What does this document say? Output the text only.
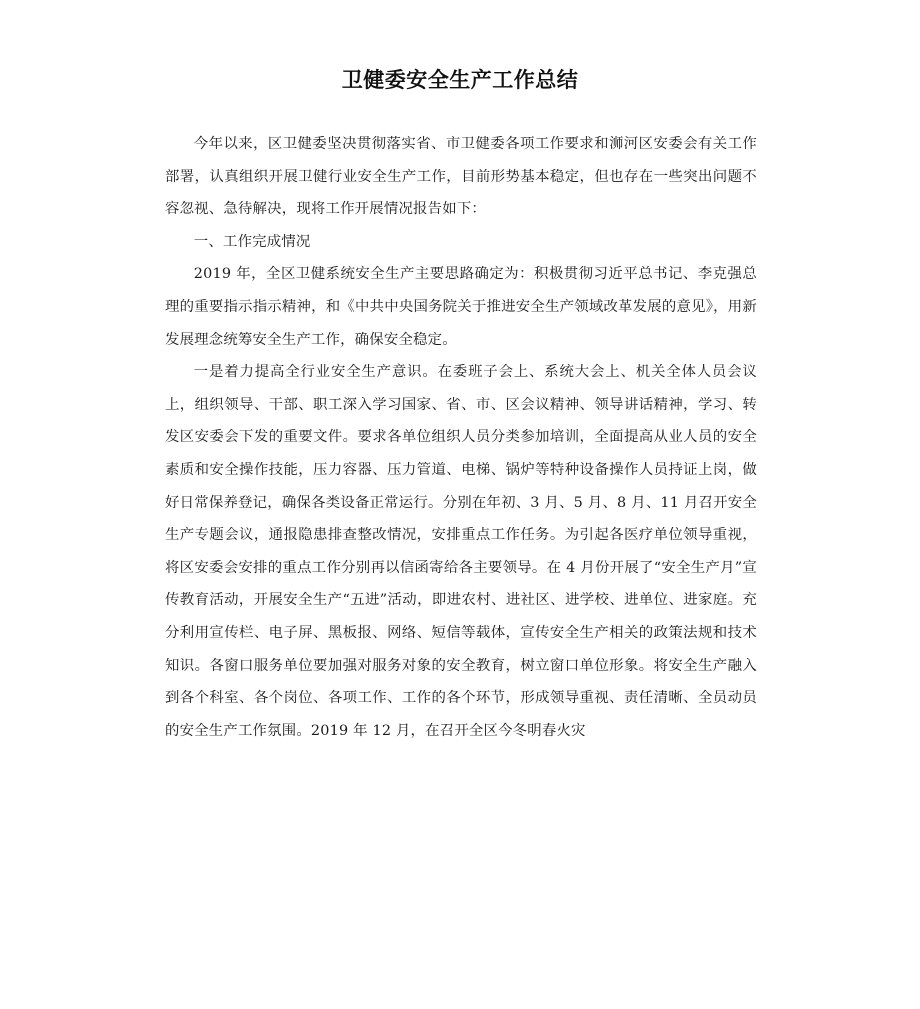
卫健委安全生产工作总结

今年以来，区卫健委坚决贯彻落实省、市卫健委各项工作要求和浉河区安委会有关工作部署，认真组织开展卫健行业安全生产工作，目前形势基本稳定，但也存在一些突出问题不容忽视、急待解决，现将工作开展情况报告如下：

一、工作完成情况

2019 年，全区卫健系统安全生产主要思路确定为：积极贯彻习近平总书记、李克强总理的重要指示指示精神，和《中共中央国务院关于推进安全生产领域改革发展的意见》，用新发展理念统筹安全生产工作，确保安全稳定。

一是着力提高全行业安全生产意识。在委班子会上、系统大会上、机关全体人员会议上，组织领导、干部、职工深入学习国家、省、市、区会议精神、领导讲话精神，学习、转发区安委会下发的重要文件。要求各单位组织人员分类参加培训，全面提高从业人员的安全素质和安全操作技能，压力容器、压力管道、电梯、锅炉等特种设备操作人员持证上岗，做好日常保养登记，确保各类设备正常运行。分别在年初、3 月、5 月、8 月、11 月召开安全生产专题会议，通报隐患排查整改情况，安排重点工作任务。为引起各医疗单位领导重视，将区安委会安排的重点工作分别再以信函寄给各主要领导。在 4 月份开展了“安全生产月”宣传教育活动，开展安全生产“五进”活动，即进农村、进社区、进学校、进单位、进家庭。充分利用宣传栏、电子屏、黑板报、网络、短信等载体，宣传安全生产相关的政策法规和技术知识。各窗口服务单位要加强对服务对象的安全教育，树立窗口单位形象。将安全生产融入到各个科室、各个岗位、各项工作、工作的各个环节，形成领导重视、责任清晰、全员动员的安全生产工作氛围。2019 年 12 月，在召开全区今冬明春火灾
